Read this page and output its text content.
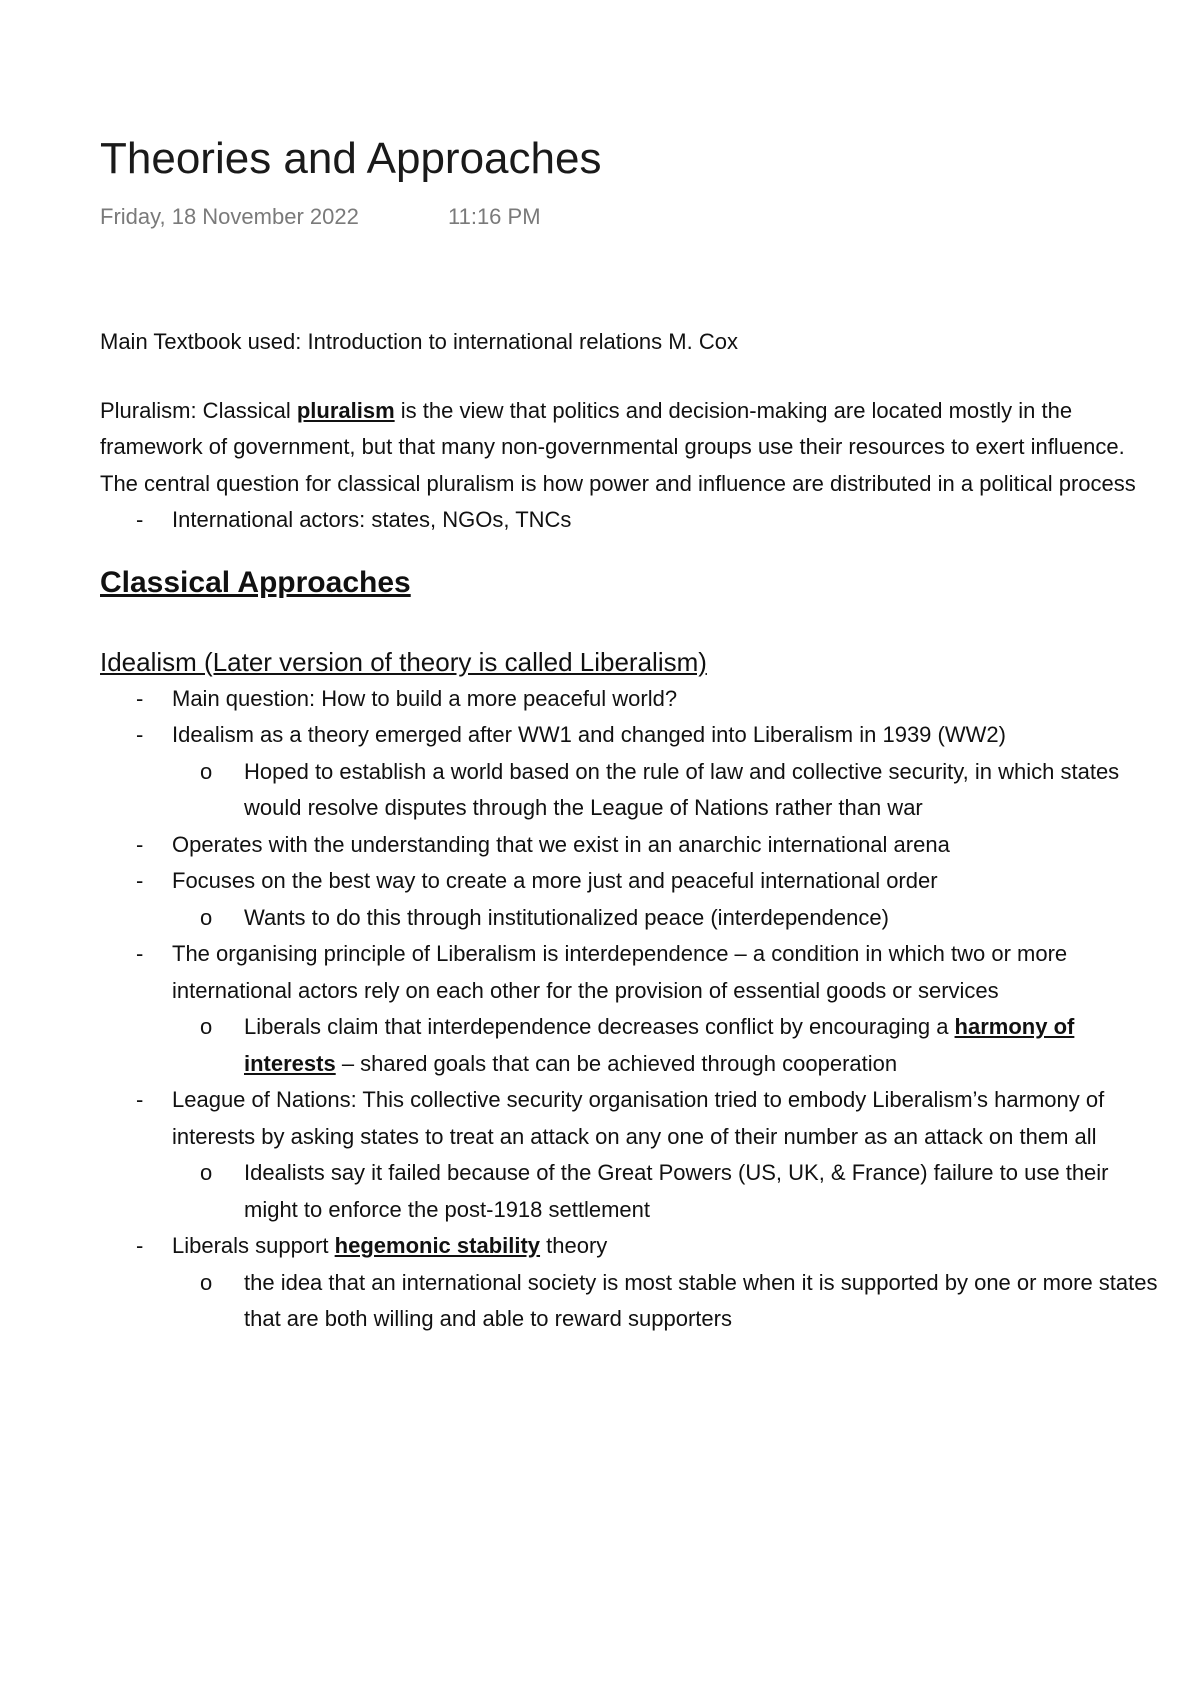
Theories and Approaches
Friday, 18 November 2022	11:16 PM

Main Textbook used: Introduction to international relations M. Cox

Pluralism: Classical pluralism is the view that politics and decision-making are located mostly in the framework of government, but that many non-governmental groups use their resources to exert influence. The central question for classical pluralism is how power and influence are distributed in a political process

- International actors: states, NGOs, TNCs
Classical Approaches
Idealism (Later version of theory is called Liberalism)
- Main question: How to build a more peaceful world?
- Idealism as a theory emerged after WW1 and changed into Liberalism in 1939 (WW2)
o Hoped to establish a world based on the rule of law and collective security, in which states would resolve disputes through the League of Nations rather than war
- Operates with the understanding that we exist in an anarchic international arena
- Focuses on the best way to create a more just and peaceful international order
o Wants to do this through institutionalized peace (interdependence)
- The organising principle of Liberalism is interdependence – a condition in which two or more international actors rely on each other for the provision of essential goods or services
o Liberals claim that interdependence decreases conflict by encouraging a harmony of interests – shared goals that can be achieved through cooperation
- League of Nations: This collective security organisation tried to embody Liberalism’s harmony of interests by asking states to treat an attack on any one of their number as an attack on them all
o Idealists say it failed because of the Great Powers (US, UK, & France) failure to use their might to enforce the post-1918 settlement
- Liberals support hegemonic stability theory
o the idea that an international society is most stable when it is supported by one or more states that are both willing and able to reward supporters
